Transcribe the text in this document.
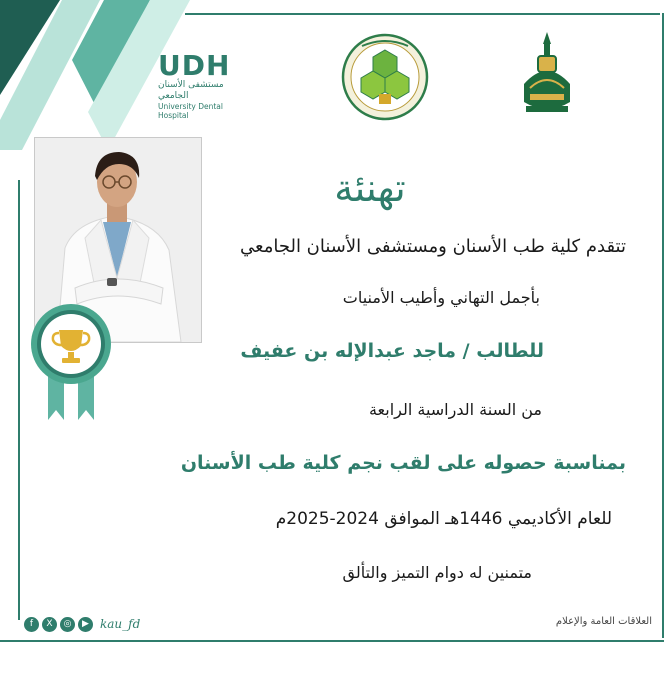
UDH
مستشفى الأسنان الجامعي
University Dental Hospital
تهنئة
تتقدم كلية طب الأسنان ومستشفى الأسنان الجامعي
بأجمل التهاني وأطيب الأمنيات
للطالب / ماجد عبدالإله بن عفيف
من السنة الدراسية الرابعة
بمناسبة حصوله على لقب نجم كلية طب الأسنان
للعام الأكاديمي 1446هـ الموافق 2024-2025م
متمنين له دوام التميز والتألق
f	X	◎	▶ kau_fd	العلاقات العامة والإعلام
